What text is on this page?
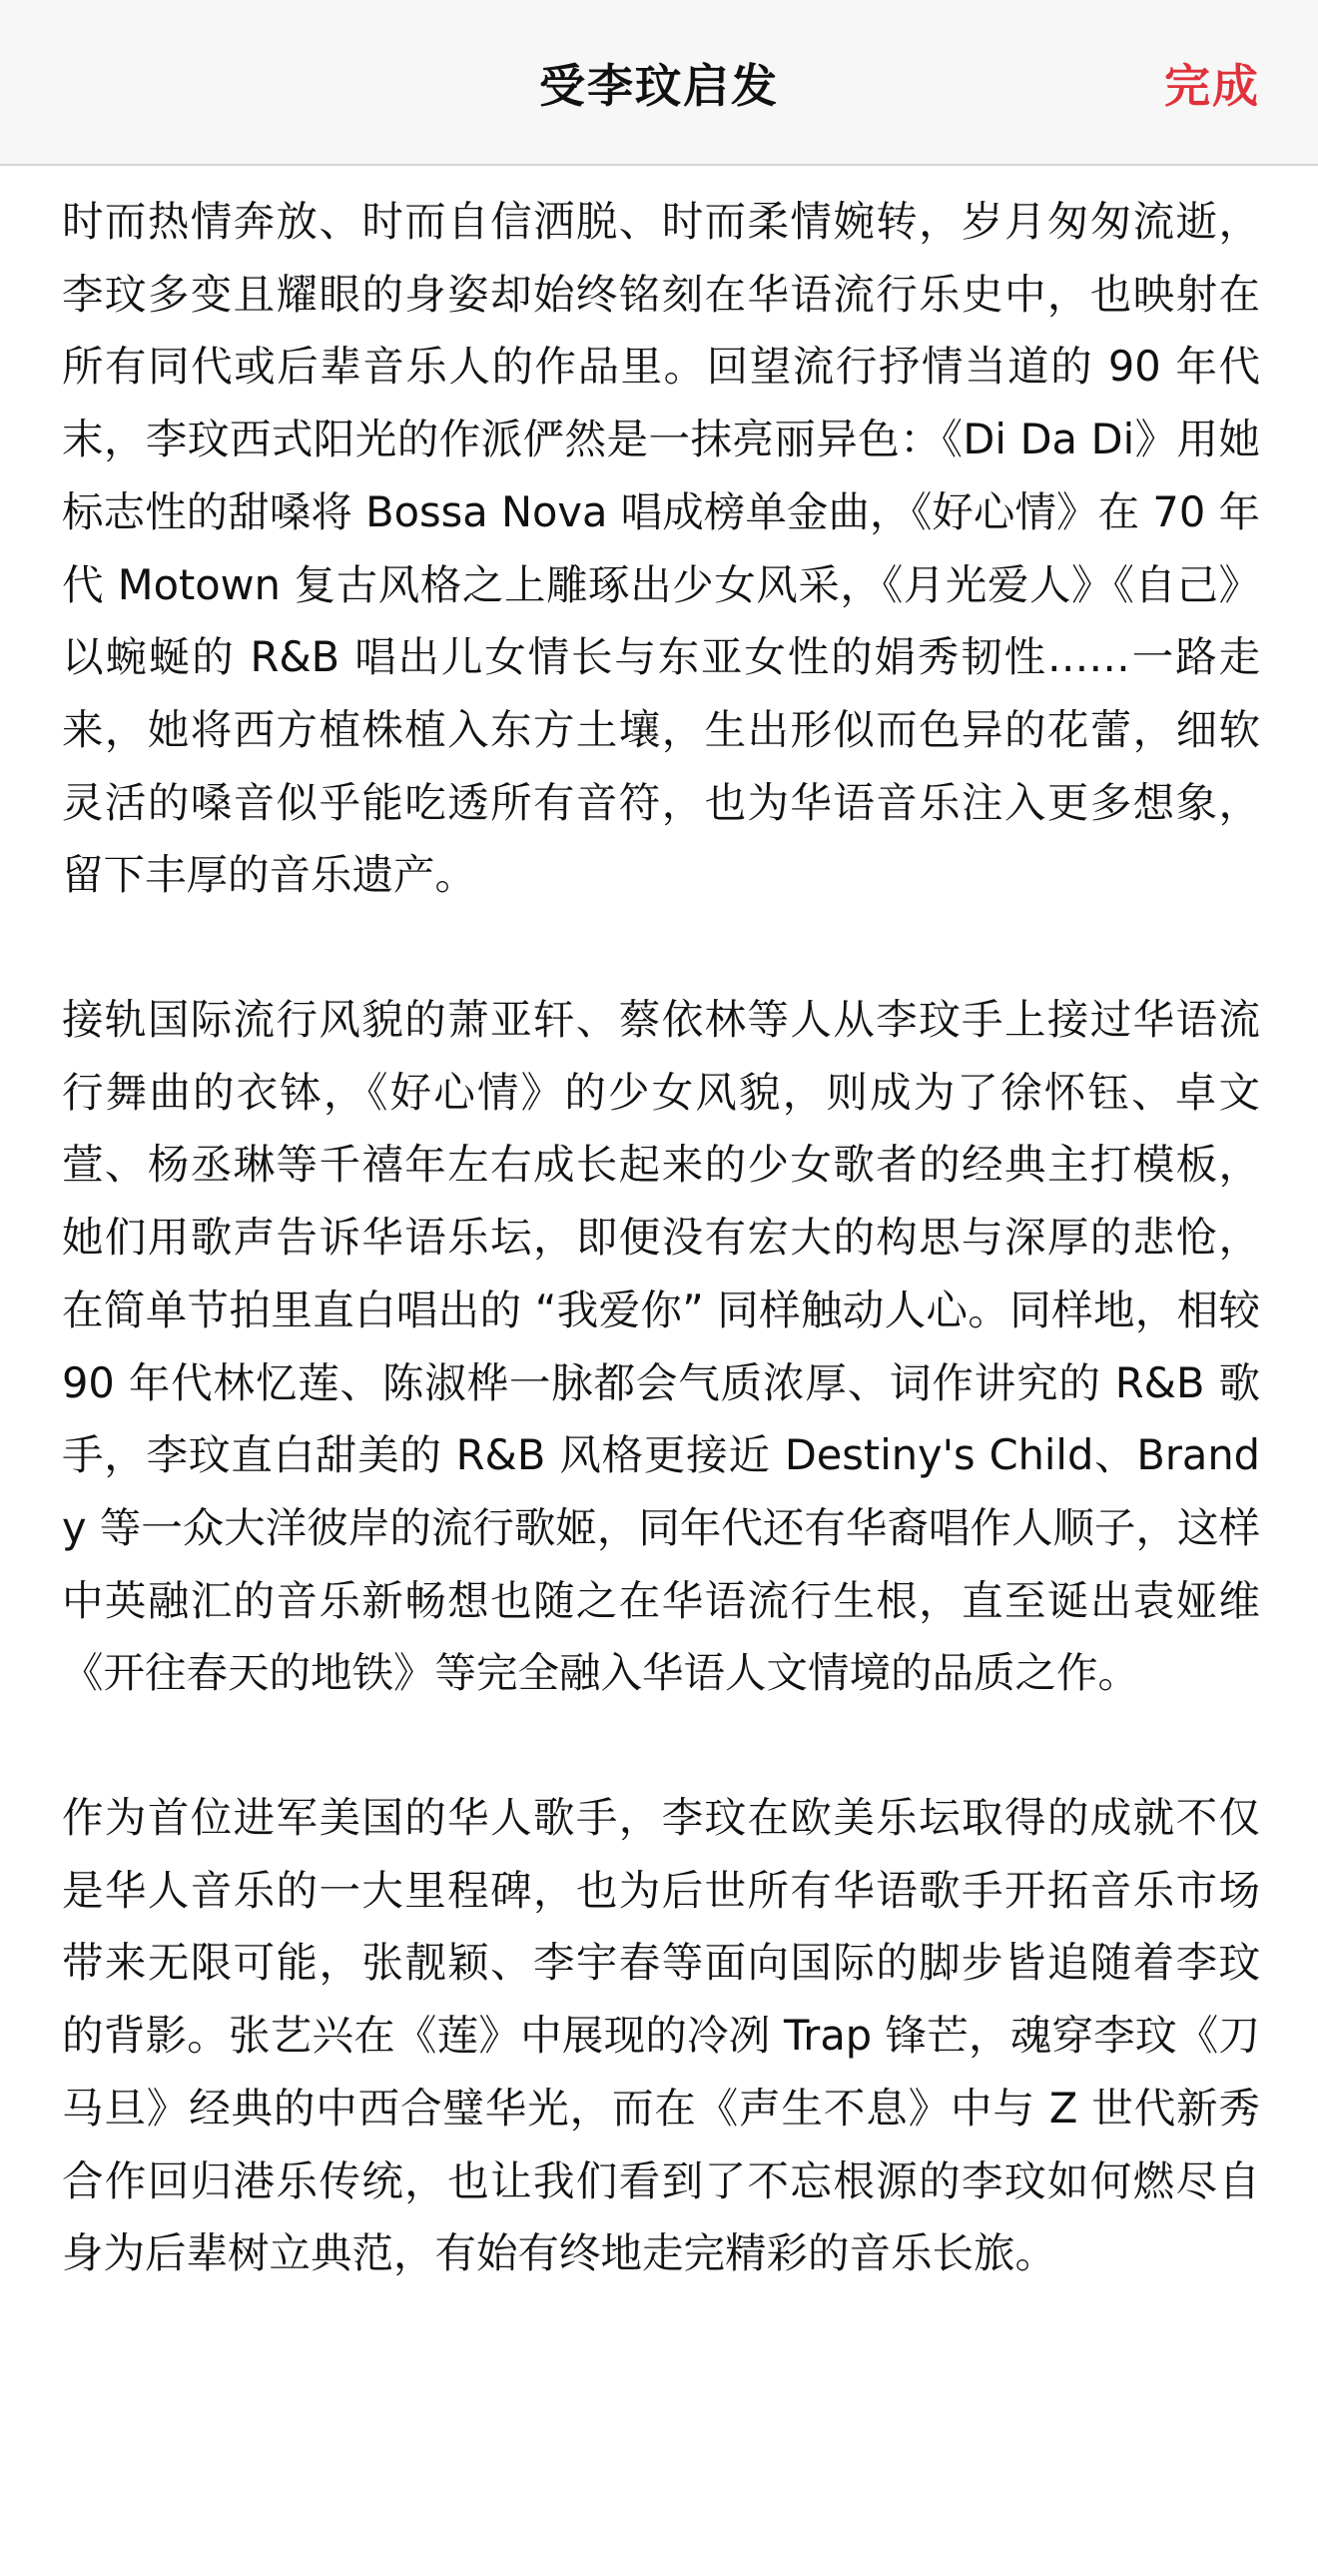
受李玟启发	完成

时而热情奔放、时而自信洒脱、时而柔情婉转，岁月匆匆流逝，李玟多变且耀眼的身姿却始终铭刻在华语流行乐史中，也映射在所有同代或后辈音乐人的作品里。回望流行抒情当道的 90 年代末，李玟西式阳光的作派俨然是一抹亮丽异色：《Di Da Di》用她标志性的甜嗓将 Bossa Nova 唱成榜单金曲，《好心情》在 70 年代 Motown 复古风格之上雕琢出少女风采，《月光爱人》《自己》以蜿蜒的 R&B 唱出儿女情长与东亚女性的娟秀韧性……一路走来，她将西方植株植入东方土壤，生出形似而色异的花蕾，细软灵活的嗓音似乎能吃透所有音符，也为华语音乐注入更多想象，留下丰厚的音乐遗产。

接轨国际流行风貌的萧亚轩、蔡依林等人从李玟手上接过华语流行舞曲的衣钵，《好心情》的少女风貌，则成为了徐怀钰、卓文萱、杨丞琳等千禧年左右成长起来的少女歌者的经典主打模板，她们用歌声告诉华语乐坛，即便没有宏大的构思与深厚的悲怆，在简单节拍里直白唱出的 “我爱你” 同样触动人心。同样地，相较 90 年代林忆莲、陈淑桦一脉都会气质浓厚、词作讲究的 R&B 歌手，李玟直白甜美的 R&B 风格更接近 Destiny's Child、Brandy 等一众大洋彼岸的流行歌姬，同年代还有华裔唱作人顺子，这样中英融汇的音乐新畅想也随之在华语流行生根，直至诞出袁娅维《开往春天的地铁》等完全融入华语人文情境的品质之作。

作为首位进军美国的华人歌手，李玟在欧美乐坛取得的成就不仅是华人音乐的一大里程碑，也为后世所有华语歌手开拓音乐市场带来无限可能，张靓颖、李宇春等面向国际的脚步皆追随着李玟的背影。张艺兴在《莲》中展现的冷冽 Trap 锋芒，魂穿李玟《刀马旦》经典的中西合璧华光，而在《声生不息》中与 Z 世代新秀合作回归港乐传统，也让我们看到了不忘根源的李玟如何燃尽自身为后辈树立典范，有始有终地走完精彩的音乐长旅。
